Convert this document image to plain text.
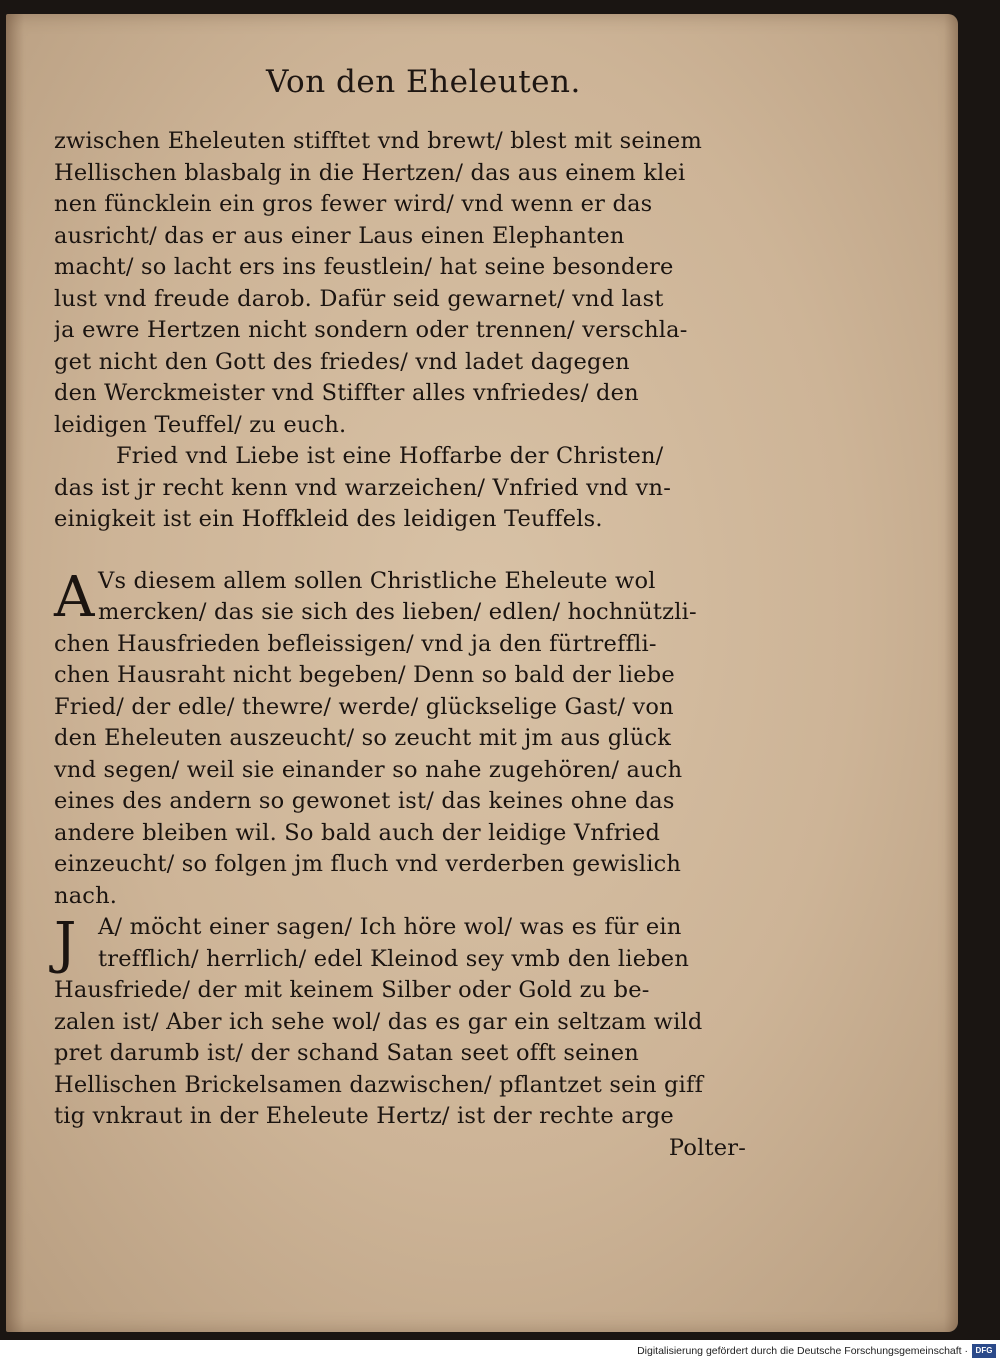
Von den Eheleuten.
zwischen Eheleuten stifftet vnd brewt/ blest mit seinem
Hellischen blasbalg in die Hertzen/ das aus einem klei
nen füncklein ein gros fewer wird/ vnd wenn er das
ausricht/ das er aus einer Laus einen Elephanten
macht/ so lacht ers ins feustlein/ hat seine besondere
lust vnd freude darob. Dafür seid gewarnet/ vnd last
ja ewre Hertzen nicht sondern oder trennen/ verschla-
get nicht den Gott des friedes/ vnd ladet dagegen
den Werckmeister vnd Stiffter alles vnfriedes/ den
leidigen Teuffel/ zu euch.
Fried vnd Liebe ist eine Hoffarbe der Christen/
das ist jr recht kenn vnd warzeichen/ Vnfried vnd vn-
einigkeit ist ein Hoffkleid des leidigen Teuffels.
A Vs diesem allem sollen Christliche Eheleute wol
mercken/ das sie sich des lieben/ edlen/ hochnützli-
chen Hausfrieden befleissigen/ vnd ja den fürtreffli-
chen Hausraht nicht begeben/ Denn so bald der liebe
Fried/ der edle/ thewre/ werde/ glückselige Gast/ von
den Eheleuten auszeucht/ so zeucht mit jm aus glück
vnd segen/ weil sie einander so nahe zugehören/ auch
eines des andern so gewonet ist/ das keines ohne das
andere bleiben wil. So bald auch der leidige Vnfried
einzeucht/ so folgen jm fluch vnd verderben gewislich
nach.
J A/ möcht einer sagen/ Ich höre wol/ was es für ein
trefflich/ herrlich/ edel Kleinod sey vmb den lieben
Hausfriede/ der mit keinem Silber oder Gold zu be-
zalen ist/ Aber ich sehe wol/ das es gar ein seltzam wild
pret darumb ist/ der schand Satan seet offt seinen
Hellischen Brickelsamen dazwischen/ pflantzet sein giff
tig vnkraut in der Eheleute Hertz/ ist der rechte arge
Polter-
Digitalisierung gefördert durch die Deutsche Forschungsgemeinschaft · DFG
